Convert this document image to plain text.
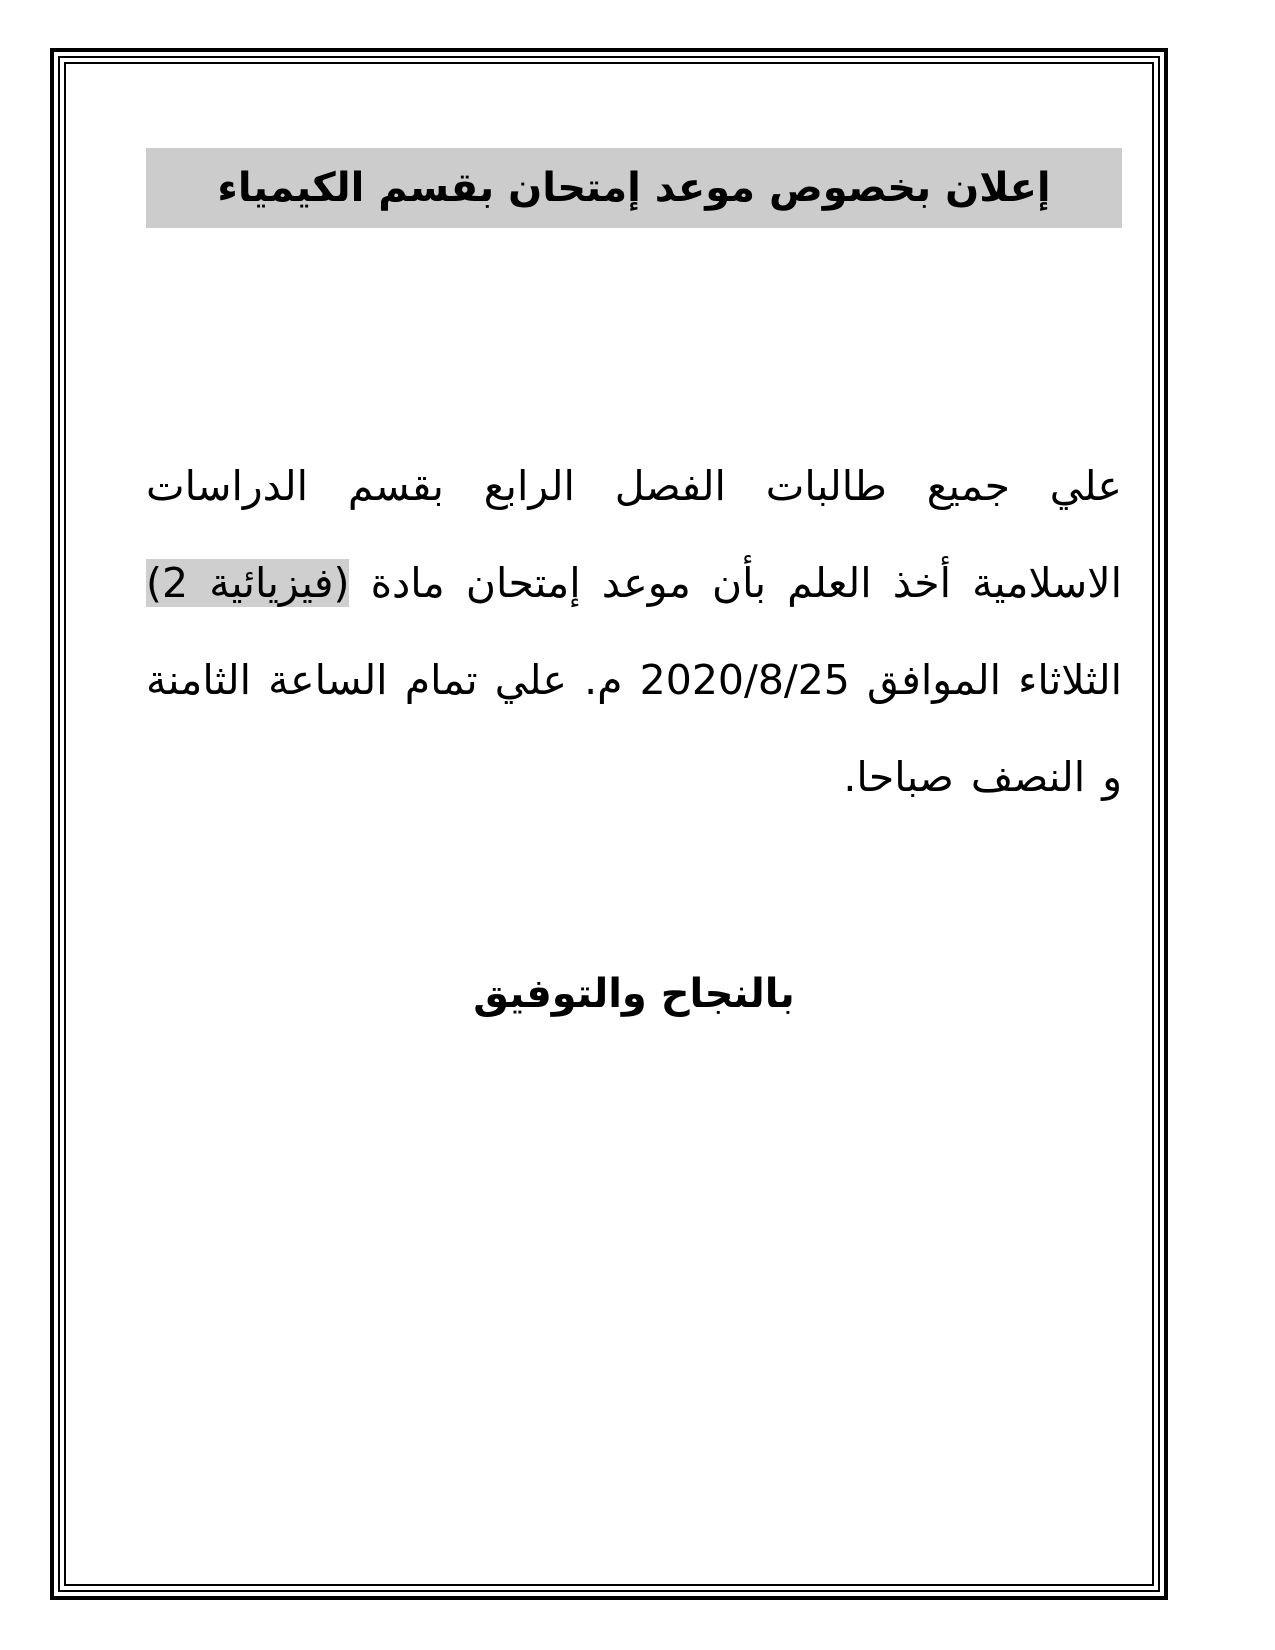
إعلان بخصوص موعد إمتحان بقسم الكيمياء
علي جميع طالبات الفصل الرابع بقسم الدراسات الاسلامية أخذ العلم بأن موعد إمتحان مادة (فيزيائية 2) الثلاثاء الموافق 2020/8/25 م. علي تمام الساعة الثامنة و النصف صباحا.
بالنجاح والتوفيق
